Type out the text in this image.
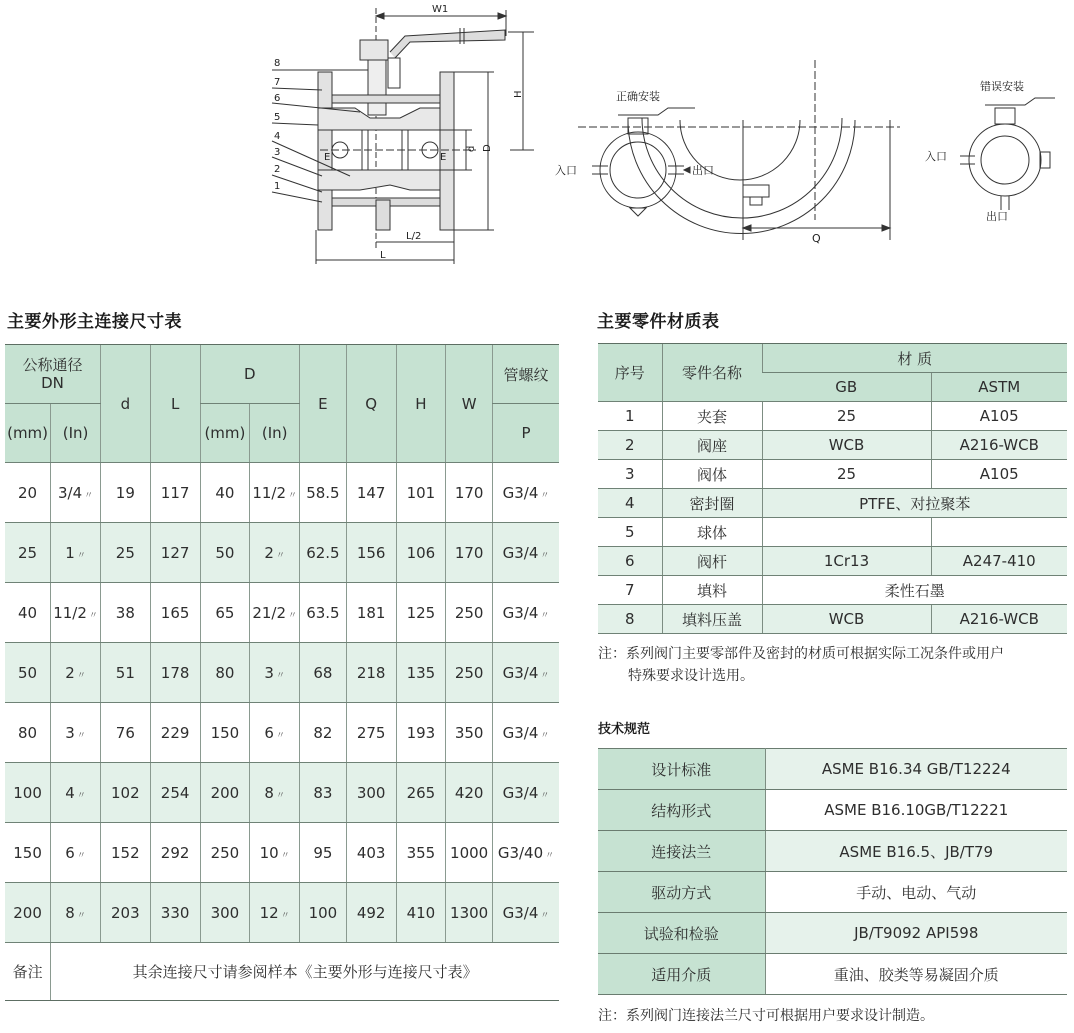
W1
8
7
6
5
4
3
2
1
H
d D
E	E
L/2
L
正确安装
入口	出口
Q
错误安装
入口
出口
主要外形主连接尺寸表	主要零件材质表
公称通径
DN		d	L	D		E	Q	H	W	管螺纹
(mm)	(In)			(mm)	(In)					P
20	3/4 〃	19	117	40	11/2 〃	58.5	147	101	170	G3/4 〃
25	1 〃	25	127	50	2 〃	62.5	156	106	170	G3/4 〃
40	11/2 〃	38	165	65	21/2 〃	63.5	181	125	250	G3/4 〃
50	2 〃	51	178	80	3 〃	68	218	135	250	G3/4 〃
80	3 〃	76	229	150	6 〃	82	275	193	350	G3/4 〃
100	4 〃	102	254	200	8 〃	83	300	265	420	G3/4 〃
150	6 〃	152	292	250	10 〃	95	403	355	1000	G3/40 〃
200	8 〃	203	330	300	12 〃	100	492	410	1300	G3/4 〃
备注	其余连接尺寸请参阅样本《主要外形与连接尺寸表》									
序号	零件名称	材 质	
		GB	ASTM
1	夹套	25	A105
2	阀座	WCB	A216-WCB
3	阀体	25	A105
4	密封圈	PTFE、对拉聚苯	
5	球体		
6	阀杆	1Cr13	A247-410
7	填料	柔性石墨	
8	填料压盖	WCB	A216-WCB
注：系列阀门主要零部件及密封的材质可根据实际工况条件或用户
特殊要求设计选用。
技术规范
设计标准	ASME B16.34 GB/T12224
结构形式	ASME B16.10GB/T12221
连接法兰	ASME B16.5、JB/T79
驱动方式	手动、电动、气动
试验和检验	JB/T9092 API598
适用介质	重油、胶类等易凝固介质
注：系列阀门连接法兰尺寸可根据用户要求设计制造。
